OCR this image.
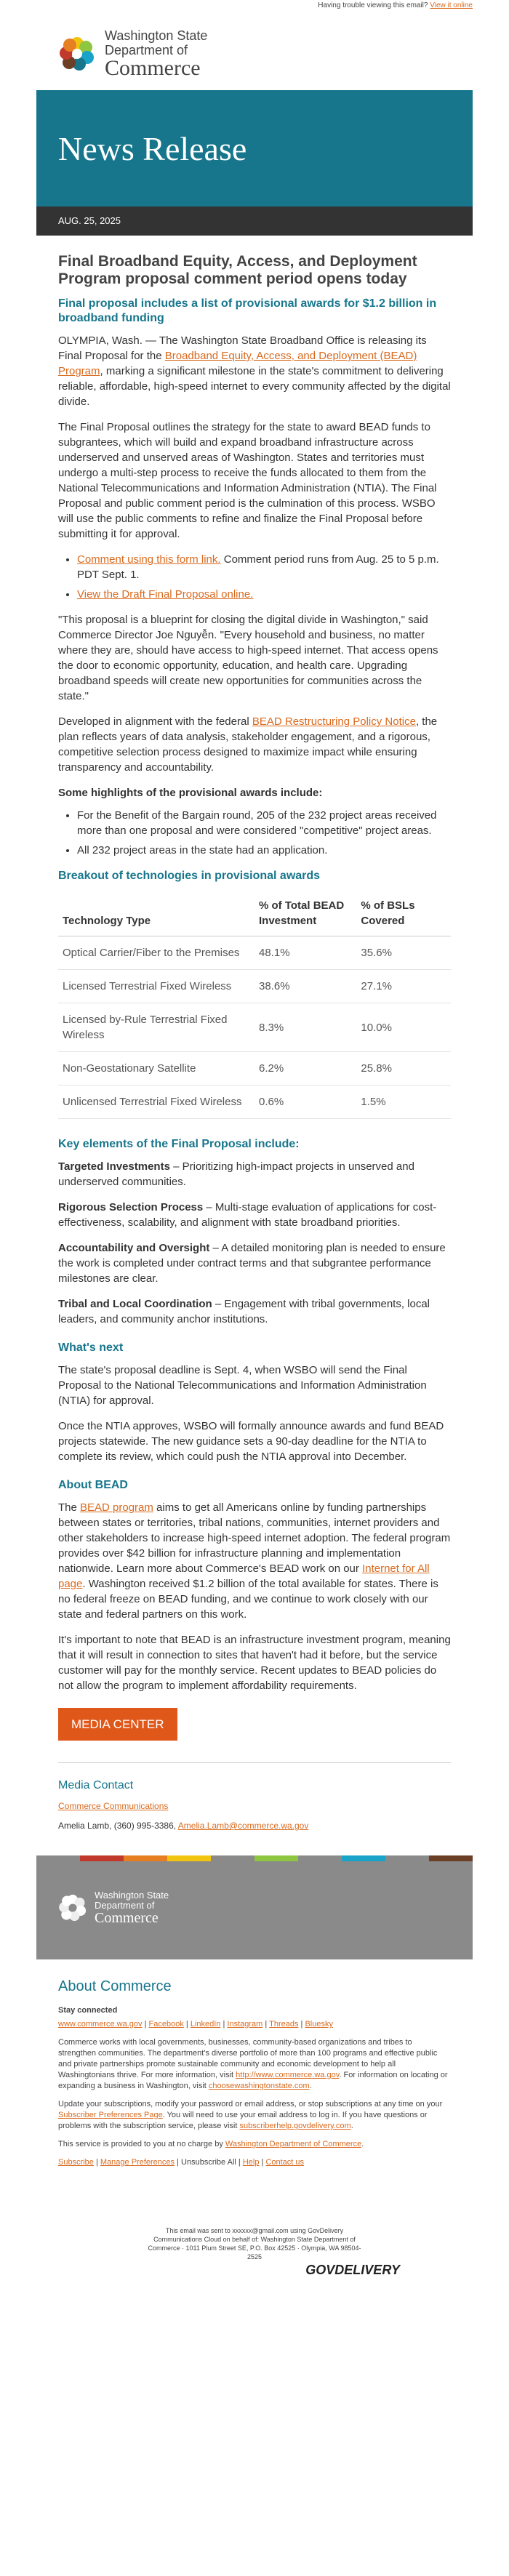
Having trouble viewing this email? View it online
Washington State
Department of
Commerce
News Release
AUG. 25, 2025
Final Broadband Equity, Access, and Deployment Program proposal comment period opens today
Final proposal includes a list of provisional awards for $1.2 billion in broadband funding

OLYMPIA, Wash. — The Washington State Broadband Office is releasing its Final Proposal for the Broadband Equity, Access, and Deployment (BEAD) Program, marking a significant milestone in the state's commitment to delivering reliable, affordable, high-speed internet to every community affected by the digital divide.

The Final Proposal outlines the strategy for the state to award BEAD funds to subgrantees, which will build and expand broadband infrastructure across underserved and unserved areas of Washington. States and territories must undergo a multi-step process to receive the funds allocated to them from the National Telecommunications and Information Administration (NTIA). The Final Proposal and public comment period is the culmination of this process. WSBO will use the public comments to refine and finalize the Final Proposal before submitting it for approval.

• Comment using this form link. Comment period runs from Aug. 25 to 5 p.m. PDT Sept. 1.
• View the Draft Final Proposal online.

"This proposal is a blueprint for closing the digital divide in Washington," said Commerce Director Joe Nguyễn. "Every household and business, no matter where they are, should have access to high-speed internet. That access opens the door to economic opportunity, education, and health care. Upgrading broadband speeds will create new opportunities for communities across the state."

Developed in alignment with the federal BEAD Restructuring Policy Notice, the plan reflects years of data analysis, stakeholder engagement, and a rigorous, competitive selection process designed to maximize impact while ensuring transparency and accountability.

Some highlights of the provisional awards include:
• For the Benefit of the Bargain round, 205 of the 232 project areas received more than one proposal and were considered "competitive" project areas.
• All 232 project areas in the state had an application.
Breakout of technologies in provisional awards
Technology Type	% of Total BEAD Investment	% of BSLs Covered
Optical Carrier/Fiber to the Premises	48.1%	35.6%
Licensed Terrestrial Fixed Wireless	38.6%	27.1%
Licensed by-Rule Terrestrial Fixed Wireless	8.3%	10.0%
Non-Geostationary Satellite	6.2%	25.8%
Unlicensed Terrestrial Fixed Wireless	0.6%	1.5%
Key elements of the Final Proposal include:

Targeted Investments – Prioritizing high-impact projects in unserved and underserved communities.

Rigorous Selection Process – Multi-stage evaluation of applications for cost-effectiveness, scalability, and alignment with state broadband priorities.

Accountability and Oversight – A detailed monitoring plan is needed to ensure the work is completed under contract terms and that subgrantee performance milestones are clear.

Tribal and Local Coordination – Engagement with tribal governments, local leaders, and community anchor institutions.

What's next

The state's proposal deadline is Sept. 4, when WSBO will send the Final Proposal to the National Telecommunications and Information Administration (NTIA) for approval.

Once the NTIA approves, WSBO will formally announce awards and fund BEAD projects statewide. The new guidance sets a 90-day deadline for the NTIA to complete its review, which could push the NTIA approval into December.

About BEAD

The BEAD program aims to get all Americans online by funding partnerships between states or territories, tribal nations, communities, internet providers and other stakeholders to increase high-speed internet adoption. The federal program provides over $42 billion for infrastructure planning and implementation nationwide. Learn more about Commerce's BEAD work on our Internet for All page. Washington received $1.2 billion of the total available for states. There is no federal freeze on BEAD funding, and we continue to work closely with our state and federal partners on this work.

It's important to note that BEAD is an infrastructure investment program, meaning that it will result in connection to sites that haven't had it before, but the service customer will pay for the monthly service. Recent updates to BEAD policies do not allow the program to implement affordability requirements.

MEDIA CENTER
Media Contact
Commerce Communications
Amelia Lamb, (360) 995-3386, Amelia.Lamb@commerce.wa.gov
Washington State
Department of
Commerce
About Commerce
Stay connected

www.commerce.wa.gov | Facebook | LinkedIn | Instagram | Threads | Bluesky

Commerce works with local governments, businesses, community-based organizations and tribes to strengthen communities. The department's diverse portfolio of more than 100 programs and effective public and private partnerships promote sustainable community and economic development to help all Washingtonians thrive. For more information, visit http://www.commerce.wa.gov. For information on locating or expanding a business in Washington, visit choosewashingtonstate.com.

Update your subscriptions, modify your password or email address, or stop subscriptions at any time on your Subscriber Preferences Page. You will need to use your email address to log in. If you have questions or problems with the subscription service, please visit subscriberhelp.govdelivery.com.

This service is provided to you at no charge by Washington Department of Commerce.

Subscribe | Manage Preferences | Unsubscribe All | Help | Contact us

This email was sent to xxxxxx@gmail.com using GovDelivery
Communications Cloud on behalf of: Washington State Department of
Commerce · 1011 Plum Street SE, P.O. Box 42525 · Olympia, WA 98504-
2525
GOVDELIVERY
